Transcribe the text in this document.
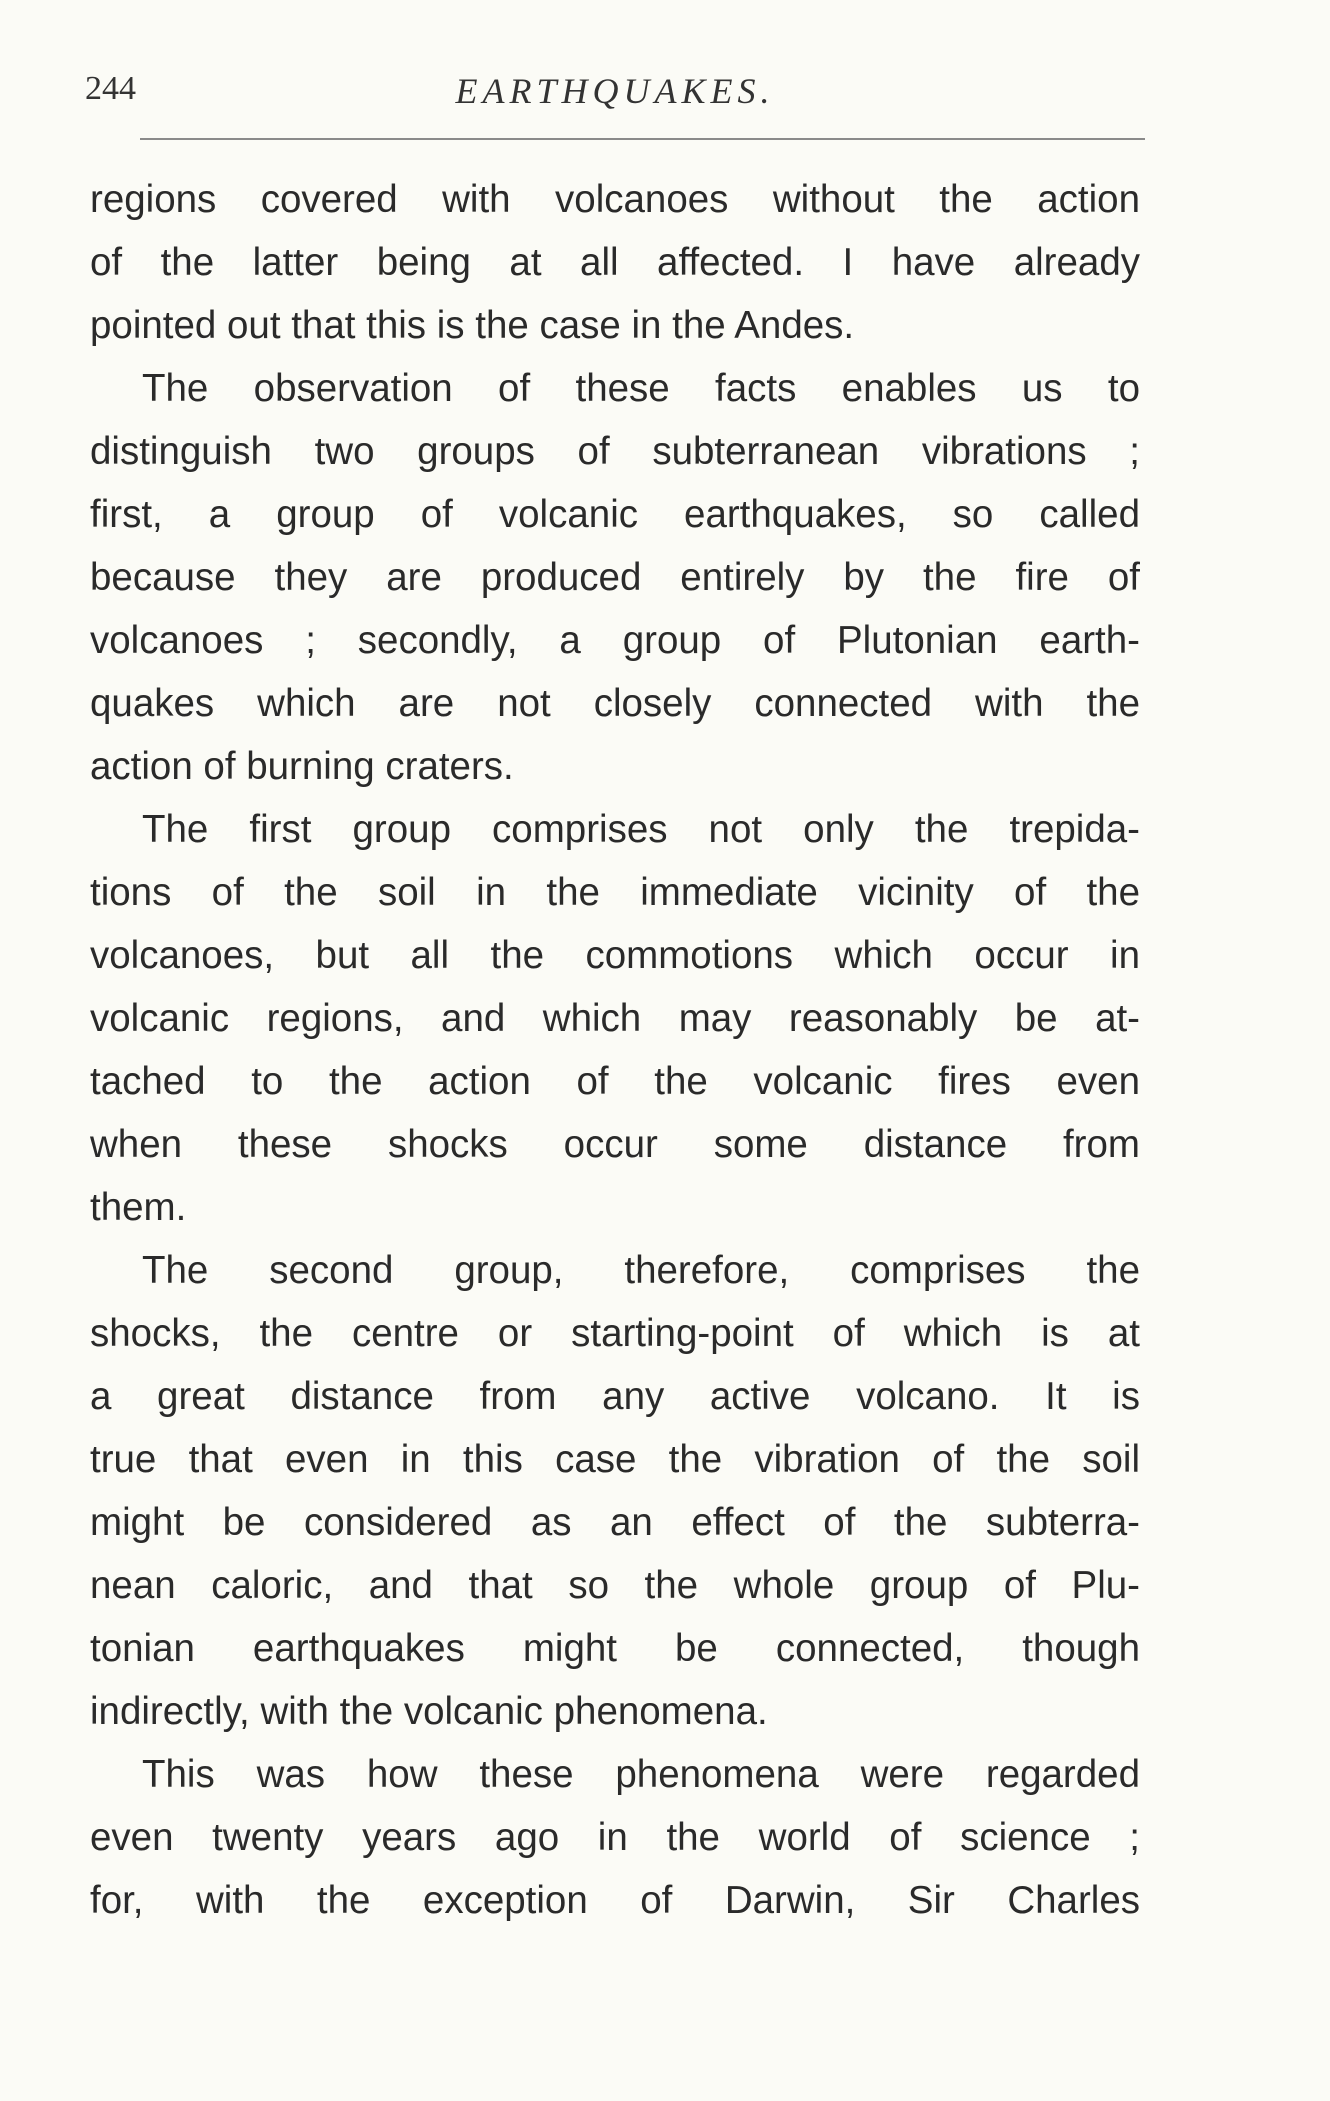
244	EARTHQUAKES.
regions covered with volcanoes without the action
of the latter being at all affected. I have already
pointed out that this is the case in the Andes.
The observation of these facts enables us to
distinguish two groups of subterranean vibrations ;
first, a group of volcanic earthquakes, so called
because they are produced entirely by the fire of
volcanoes ; secondly, a group of Plutonian earth-
quakes which are not closely connected with the
action of burning craters.
The first group comprises not only the trepida-
tions of the soil in the immediate vicinity of the
volcanoes, but all the commotions which occur in
volcanic regions, and which may reasonably be at-
tached to the action of the volcanic fires even
when these shocks occur some distance from
them.
The second group, therefore, comprises the
shocks, the centre or starting-point of which is at
a great distance from any active volcano. It is
true that even in this case the vibration of the soil
might be considered as an effect of the subterra-
nean caloric, and that so the whole group of Plu-
tonian earthquakes might be connected, though
indirectly, with the volcanic phenomena.
This was how these phenomena were regarded
even twenty years ago in the world of science ;
for, with the exception of Darwin, Sir Charles
